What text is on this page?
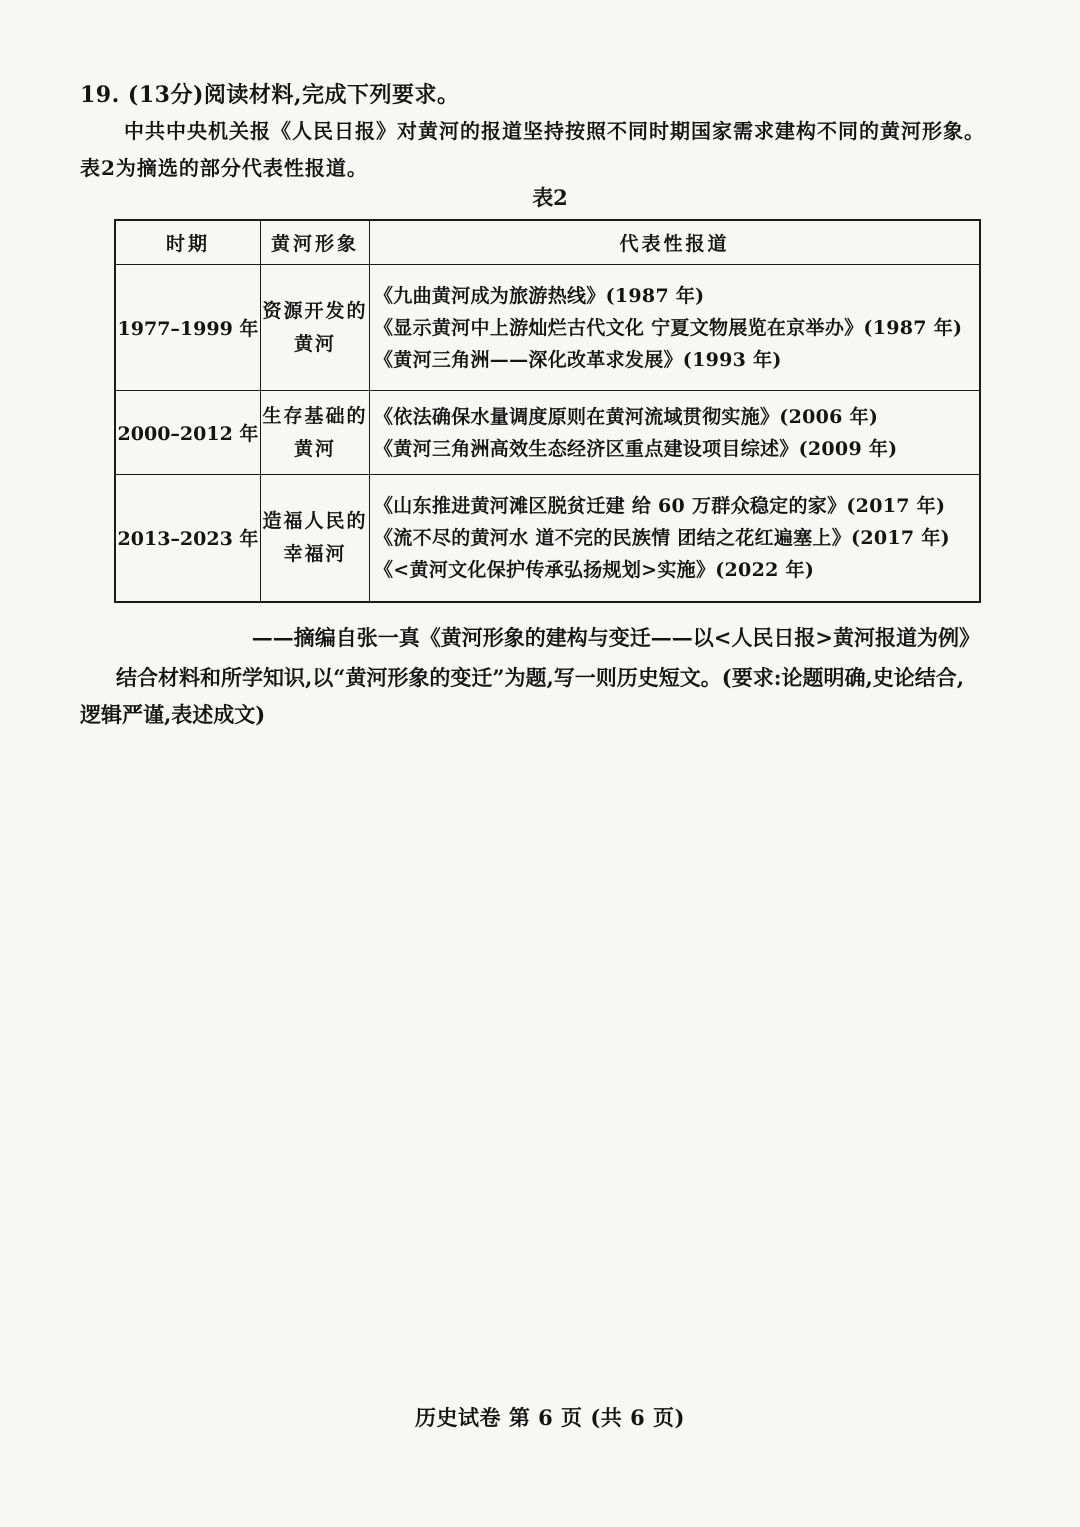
19. (13分)阅读材料,完成下列要求。
中共中央机关报《人民日报》对黄河的报道坚持按照不同时期国家需求建构不同的黄河形象。表2为摘选的部分代表性报道。
表2
时期	黄河形象	代表性报道
1977–1999 年	资源开发的黄河	《九曲黄河成为旅游热线》(1987 年)
《显示黄河中上游灿烂古代文化 宁夏文物展览在京举办》(1987 年)
《黄河三角洲——深化改革求发展》(1993 年)

2000–2012 年	生存基础的黄河	《依法确保水量调度原则在黄河流域贯彻实施》(2006 年)
《黄河三角洲高效生态经济区重点建设项目综述》(2009 年)

2013–2023 年	造福人民的幸福河	《山东推进黄河滩区脱贫迁建 给 60 万群众稳定的家》(2017 年)
《流不尽的黄河水 道不完的民族情 团结之花红遍塞上》(2017 年)
《<黄河文化保护传承弘扬规划>实施》(2022 年)
——摘编自张一真《黄河形象的建构与变迁——以<人民日报>黄河报道为例》
结合材料和所学知识,以“黄河形象的变迁”为题,写一则历史短文。(要求:论题明确,史论结合,逻辑严谨,表述成文)
历史试卷 第 6 页 (共 6 页)
